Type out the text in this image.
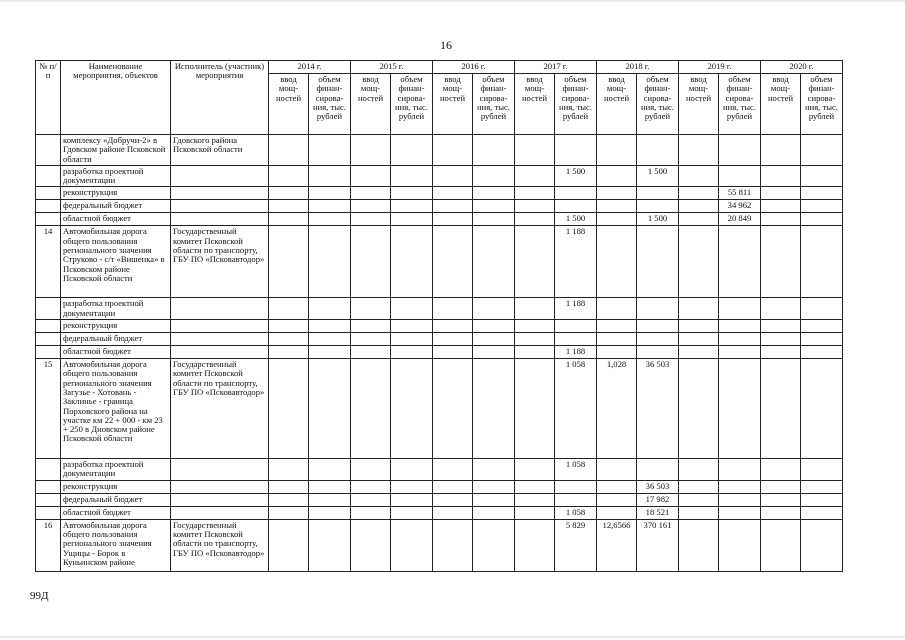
16
№ п/п	Наименование мероприятия, объектов	Исполнитель (участник) мероприятия	2014 г.		2015 г.		2016 г.		2017 г.		2018 г.		2019 г.		2020 г.	
			ввод мощ-ностей	объем финан-сирова-ния, тыс. рублей	ввод мощ-ностей	объем финан-сирова-ния, тыс. рублей	ввод мощ-ностей	объем финан-сирова-ния, тыс. рублей	ввод мощ-ностей	объем финан-сирова-ния, тыс. рублей	ввод мощ-ностей	объем финан-сирова-ния, тыс. рублей	ввод мощ-ностей	объем финан-сирова-ния, тыс. рублей	ввод мощ-ностей	объем финан-сирова-ния, тыс. рублей
	комплексу «Добручи-2» в Гдовском районе Псковской области	Гдовского района Псковской области														
	разработка проектной документации									1 500		1 500				
	реконструкция													55 811		
	федеральный бюджет													34 962		
	областной бюджет									1 500		1 500		20 849		
14	Автомобильная дорога общего пользования регионального значения Струково - с/т «Вишенка» в Псковском районе Псковской области	Государственный комитет Псковской области по транспорту, ГБУ ПО «Псковавтодор»								1 188						
	разработка проектной документации									1 188						
	реконструкция															
	федеральный бюджет															
	областной бюджет									1 188						
15	Автомобильная дорога общего пользования регионального значения Загузье - Хотовань - Заклинье - граница Порховского района на участке км 22 + 000 - км 23 + 250 в Дновском районе Псковской области	Государственный комитет Псковской области по транспорту, ГБУ ПО «Псковавтодор»								1 058	1,028	36 503				
	разработка проектной документации									1 058						
	реконструкция											36 503				
	федеральный бюджет											17 982				
	областной бюджет									1 058		18 521				
16	Автомобильная дорога общего пользования регионального значения Ущицы - Борок в Куньинском районе	Государственный комитет Псковской области по транспорту, ГБУ ПО «Псковавтодор»								5 829	12,6566	370 161				
99Д
